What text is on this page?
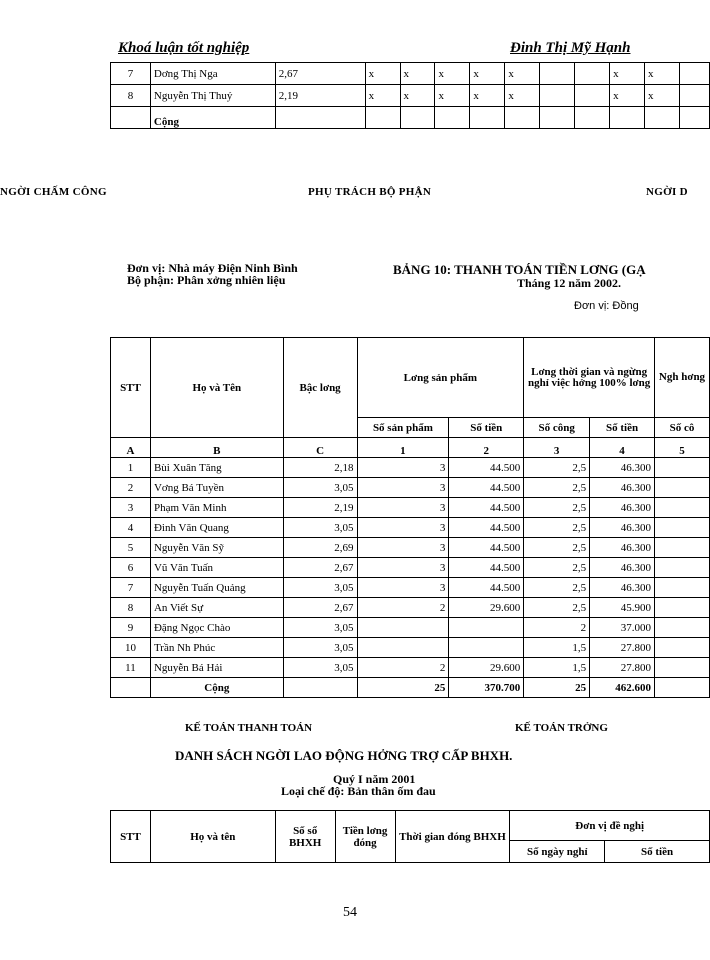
Khoá luận tốt nghiệp	Đinh Thị Mỹ Hạnh
7	Dơng Thị Nga	2,67	x	x	x	x	x			x	x	
8	Nguyễn Thị Thuý	2,19	x	x	x	x	x			x	x	
	Cộng											
NGỜI CHẤM CÔNG	PHỤ TRÁCH BỘ PHẬN	NGỜI D
Đơn vị: Nhà máy Điện Ninh Bình
Bộ phận: Phân xởng nhiên liệu
BẢNG 10: THANH TOÁN TIỀN LƠNG (GẠ
Tháng 12 năm 2002.
Đơn vị: Đồng
STT	Họ và Tên	Bậc lơng	Lơng sản phẩm		Lơng thời gian và ngừng nghỉ việc hởng 100% lơng		Ngh hơng
			Số sản phẩm	Số tiền	Số công	Số tiền	Số cô
A	B	C	1	2	3	4	5
1	Bùi Xuân Tăng	2,18	3	44.500	2,5	46.300	
2	Vơng Bá Tuyền	3,05	3	44.500	2,5	46.300	
3	Phạm Văn Minh	2,19	3	44.500	2,5	46.300	
4	Đinh Văn Quang	3,05	3	44.500	2,5	46.300	
5	Nguyễn Văn Sỹ	2,69	3	44.500	2,5	46.300	
6	Vũ Văn Tuấn	2,67	3	44.500	2,5	46.300	
7	Nguyễn Tuấn Quảng	3,05	3	44.500	2,5	46.300	
8	An Viết Sự	2,67	2	29.600	2,5	45.900	
9	Đặng Ngọc Chào	3,05			2	37.000	
10	Trần Nh Phúc	3,05			1,5	27.800	
11	Nguyễn Bá Hải	3,05	2	29.600	1,5	27.800	
	Cộng		25	370.700	25	462.600	
KẾ TOÁN THANH TOÁN	KẾ TOÁN TRỞNG
DANH SÁCH NGỜI LAO ĐỘNG HỞNG TRỢ CẤP BHXH.
Quý I năm 2001
Loại chế độ: Bản thân ốm đau
STT	Họ và tên	Số sổ BHXH	Tiền lơng đóng	Thời gian đóng BHXH	Đơn vị đề nghị	
					Số ngày nghỉ	Số tiền
54
